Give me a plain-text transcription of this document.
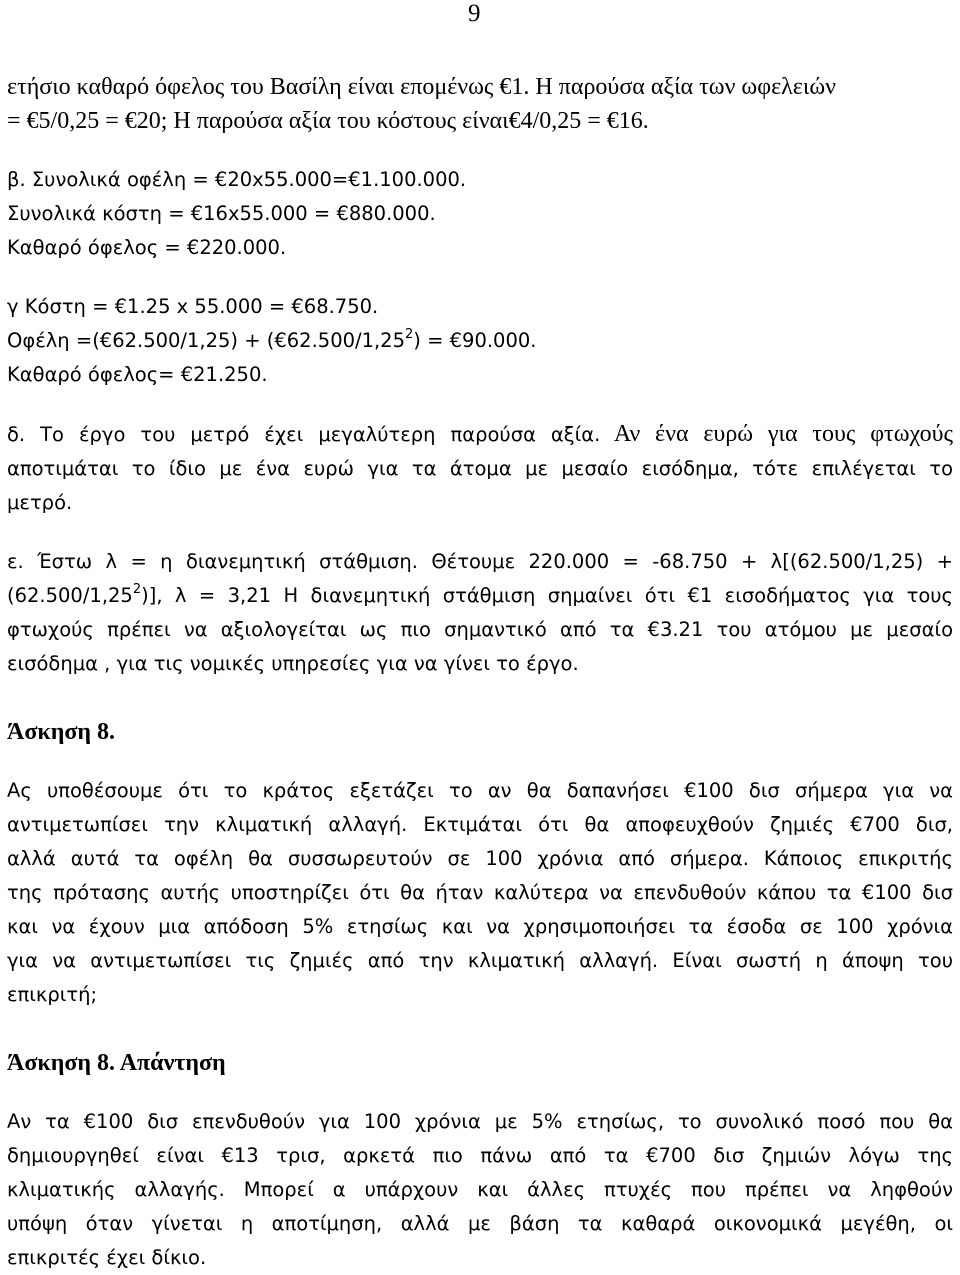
9
ετήσιο καθαρό όφελος του Βασίλη είναι επομένως €1. Η παρούσα αξία των ωφελειών
= €5/0,25 = €20; Η παρούσα αξία του κόστους είναι€4/0,25 = €16.
β. Συνολικά οφέλη = €20x55.000=€1.100.000.
Συνολικά κόστη = €16x55.000 = €880.000.
Καθαρό όφελος = €220.000.
γ Κόστη = €1.25 x 55.000 = €68.750.
Οφέλη =(€62.500/1,25) + $(€62.500/1,25^2)$ = €90.000.
Καθαρό όφελος= €21.250.
δ. Το έργο του μετρό έχει μεγαλύτερη παρούσα αξία. Αν ένα ευρώ για τους φτωχούς
αποτιμάται το ίδιο με ένα ευρώ για τα άτομα με μεσαίο εισόδημα, τότε επιλέγεται το
μετρό.
ε. Έστω λ = η διανεμητική στάθμιση. Θέτουμε 220.000 = -68.750 + λ[(62.500/1,25) +
$(62.500/1,25^2)$], λ = 3,21 Η διανεμητική στάθμιση σημαίνει ότι €1 εισοδήματος για τους
φτωχούς πρέπει να αξιολογείται ως πιο σημαντικό από τα €3.21 του ατόμου με μεσαίο
εισόδημα , για τις νομικές υπηρεσίες για να γίνει το έργο.
Άσκηση 8.
Ας υποθέσουμε ότι το κράτος εξετάζει το αν θα δαπανήσει €100 δισ σήμερα για να
αντιμετωπίσει την κλιματική αλλαγή. Εκτιμάται ότι θα αποφευχθούν ζημιές €700 δισ,
αλλά αυτά τα οφέλη θα συσσωρευτούν σε 100 χρόνια από σήμερα. Κάποιος επικριτής
της πρότασης αυτής υποστηρίζει ότι θα ήταν καλύτερα να επενδυθούν κάπου τα €100 δισ
και να έχουν μια απόδοση 5% ετησίως και να χρησιμοποιήσει τα έσοδα σε 100 χρόνια
για να αντιμετωπίσει τις ζημιές από την κλιματική αλλαγή. Είναι σωστή η άποψη του
επικριτή;
Άσκηση 8. Απάντηση
Αν τα €100 δισ επενδυθούν για 100 χρόνια με 5% ετησίως, το συνολικό ποσό που θα
δημιουργηθεί είναι €13 τρισ, αρκετά πιο πάνω από τα €700 δισ ζημιών λόγω της
κλιματικής αλλαγής. Μπορεί α υπάρχουν και άλλες πτυχές που πρέπει να ληφθούν
υπόψη όταν γίνεται η αποτίμηση, αλλά με βάση τα καθαρά οικονομικά μεγέθη, οι
επικριτές έχει δίκιο.
